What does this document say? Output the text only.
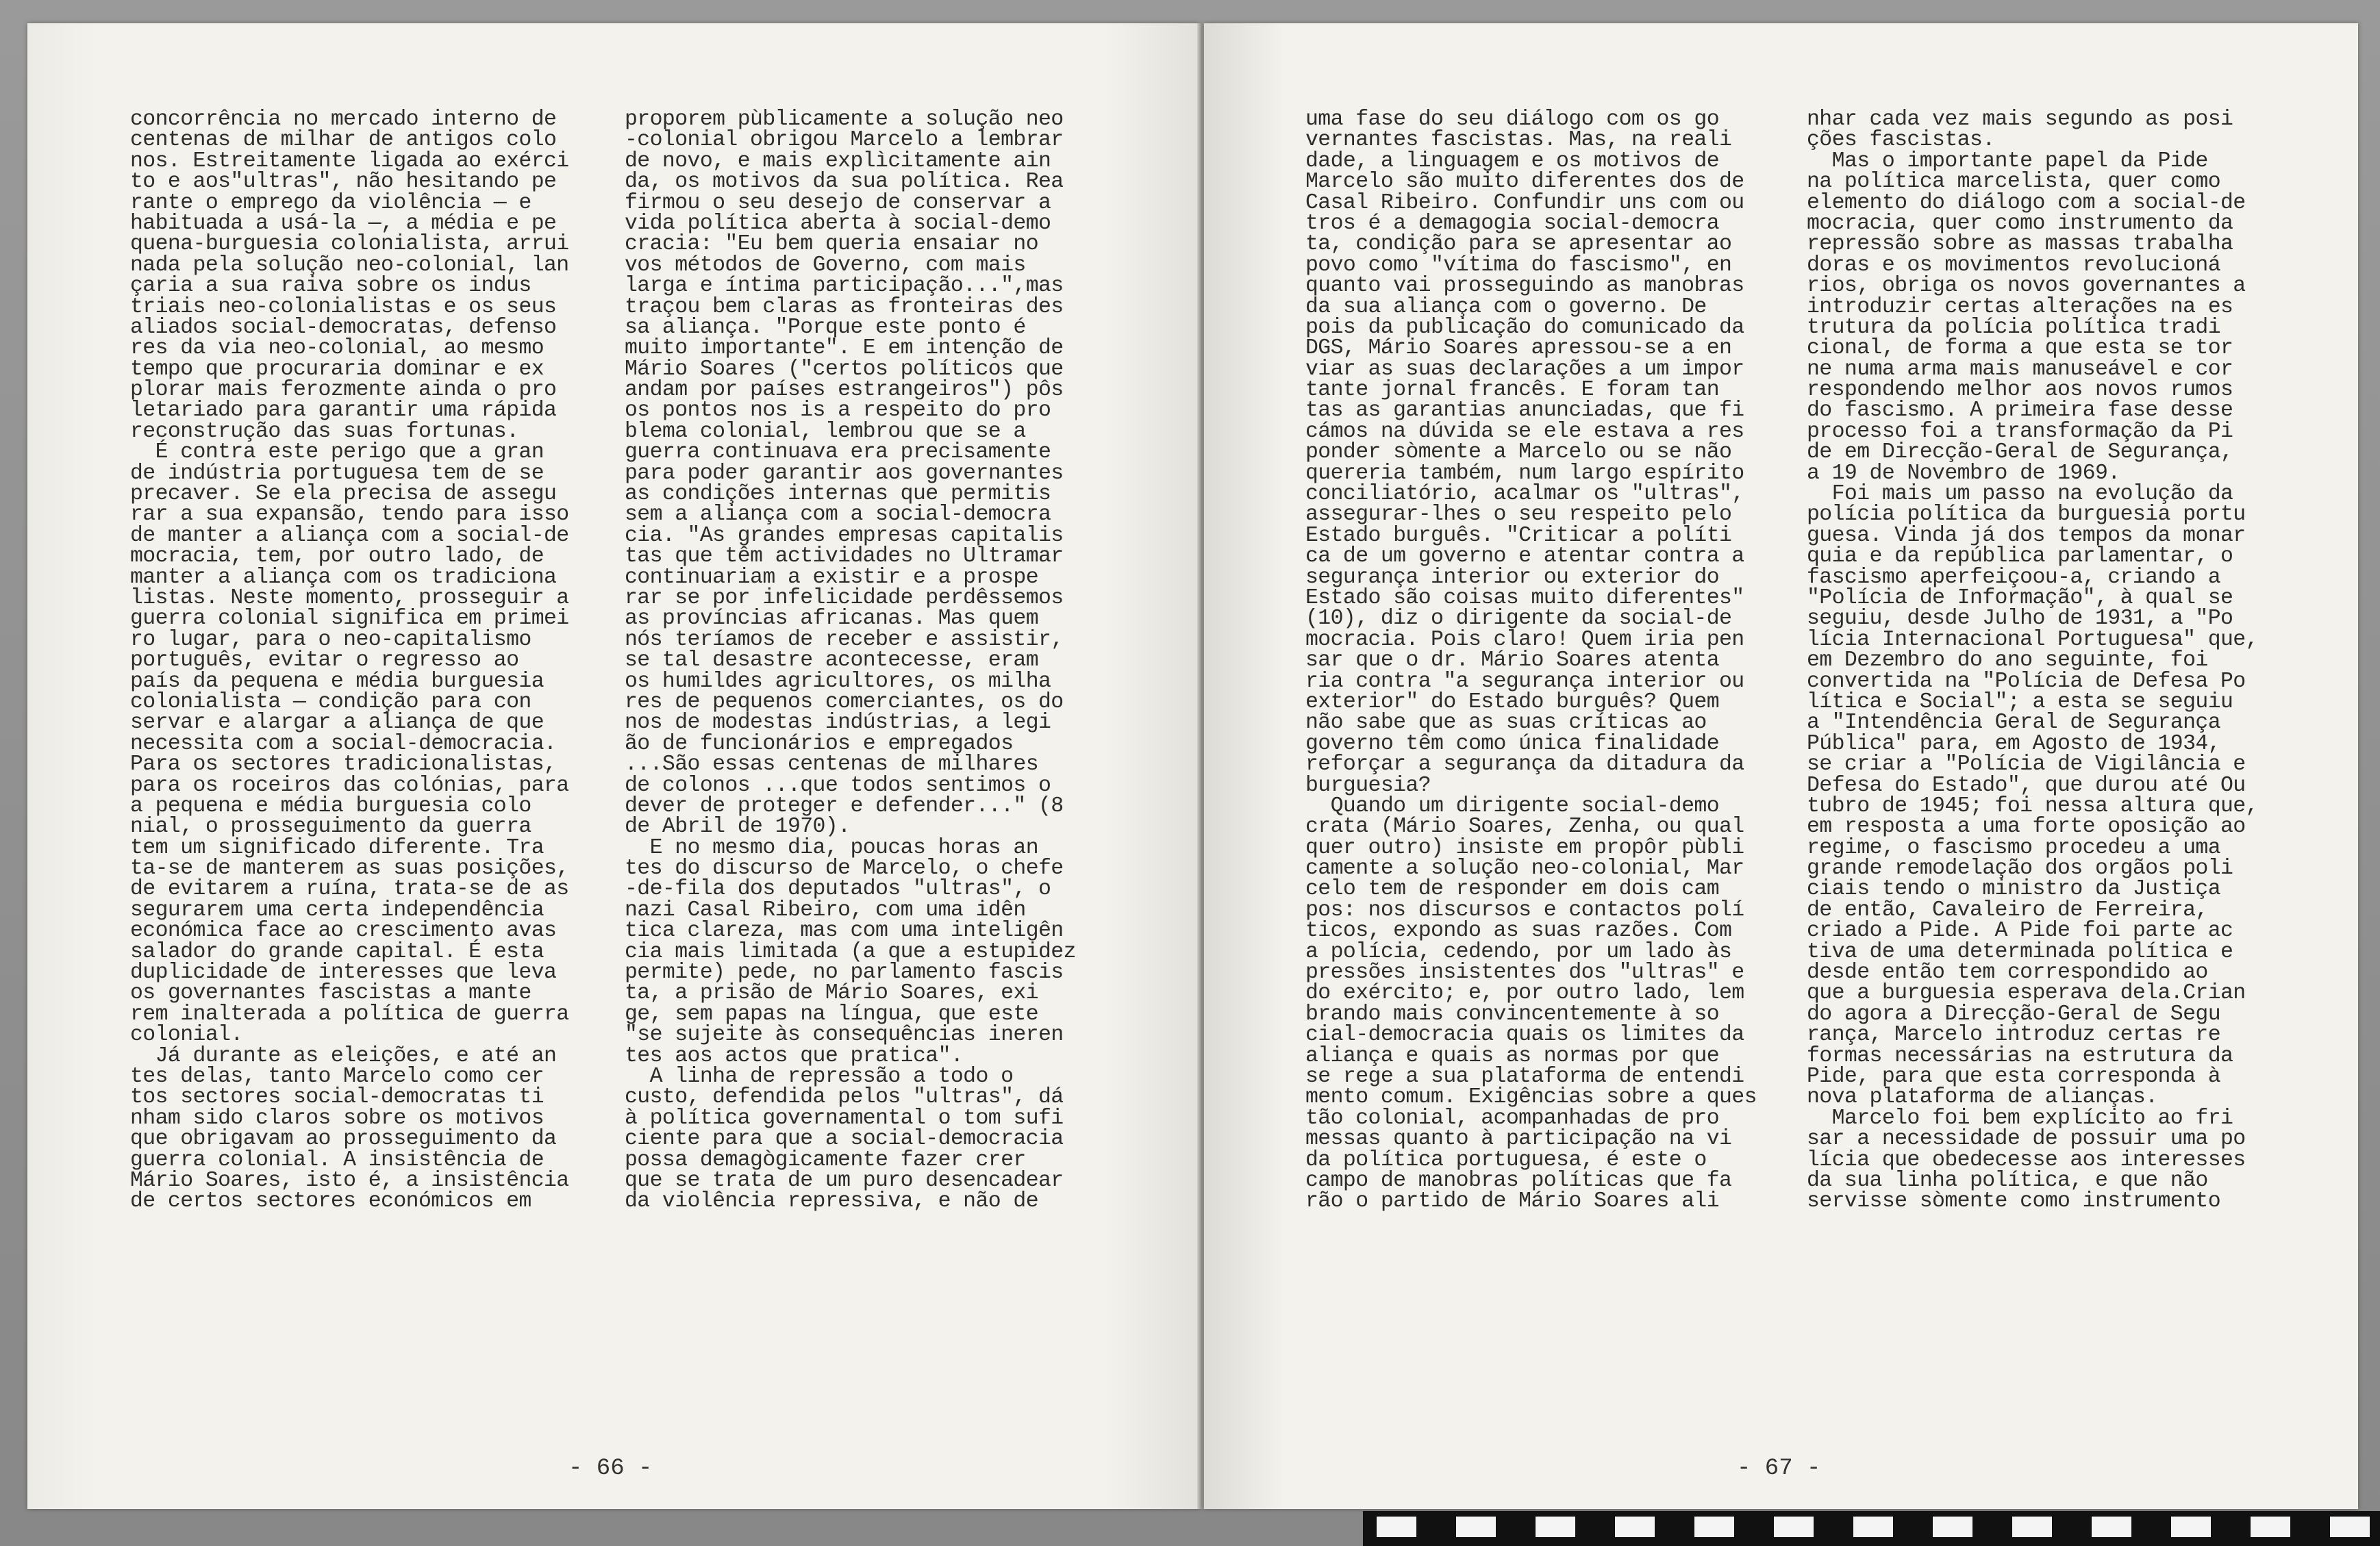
concorrência no mercado interno de
centenas de milhar de antigos colo
nos. Estreitamente ligada ao exérci
to e aos"ultras", não hesitando pe
rante o emprego da violência — e
habituada a usá-la —, a média e pe
quena-burguesia colonialista, arrui
nada pela solução neo-colonial, lan
çaria a sua raiva sobre os indus
triais neo-colonialistas e os seus
aliados social-democratas, defenso
res da via neo-colonial, ao mesmo
tempo que procuraria dominar e ex
plorar mais ferozmente ainda o pro
letariado para garantir uma rápida
reconstrução das suas fortunas.
É contra este perigo que a gran
de indústria portuguesa tem de se
precaver. Se ela precisa de assegu
rar a sua expansão, tendo para isso
de manter a aliança com a social-de
mocracia, tem, por outro lado, de
manter a aliança com os tradiciona
listas. Neste momento, prosseguir a
guerra colonial significa em primei
ro lugar, para o neo-capitalismo
português, evitar o regresso ao
país da pequena e média burguesia
colonialista — condição para con
servar e alargar a aliança de que
necessita com a social-democracia.
Para os sectores tradicionalistas,
para os roceiros das colónias, para
a pequena e média burguesia colo
nial, o prosseguimento da guerra
tem um significado diferente. Tra
ta-se de manterem as suas posições,
de evitarem a ruína, trata-se de as
segurarem uma certa independência
económica face ao crescimento avas
salador do grande capital. É esta
duplicidade de interesses que leva
os governantes fascistas a mante
rem inalterada a política de guerra
colonial.
Já durante as eleições, e até an
tes delas, tanto Marcelo como cer
tos sectores social-democratas ti
nham sido claros sobre os motivos
que obrigavam ao prosseguimento da
guerra colonial. A insistência de
Mário Soares, isto é, a insistência
de certos sectores económicos em
proporem pùblicamente a solução neo
-colonial obrigou Marcelo a lembrar
de novo, e mais explìcitamente ain
da, os motivos da sua política. Rea
firmou o seu desejo de conservar a
vida política aberta à social-demo
cracia: "Eu bem queria ensaiar no
vos métodos de Governo, com mais
larga e íntima participação...",mas
traçou bem claras as fronteiras des
sa aliança. "Porque este ponto é
muito importante". E em intenção de
Mário Soares ("certos políticos que
andam por países estrangeiros") pôs
os pontos nos is a respeito do pro
blema colonial, lembrou que se a
guerra continuava era precisamente
para poder garantir aos governantes
as condições internas que permitis
sem a aliança com a social-democra
cia. "As grandes empresas capitalis
tas que têm actividades no Ultramar
continuariam a existir e a prospe
rar se por infelicidade perdêssemos
as províncias africanas. Mas quem
nós teríamos de receber e assistir,
se tal desastre acontecesse, eram
os humildes agricultores, os milha
res de pequenos comerciantes, os do
nos de modestas indústrias, a legi
ão de funcionários e empregados
...São essas centenas de milhares
de colonos ...que todos sentimos o
dever de proteger e defender..." (8
de Abril de 1970).
E no mesmo dia, poucas horas an
tes do discurso de Marcelo, o chefe
-de-fila dos deputados "ultras", o
nazi Casal Ribeiro, com uma idên
tica clareza, mas com uma inteligên
cia mais limitada (a que a estupidez
permite) pede, no parlamento fascis
ta, a prisão de Mário Soares, exi
ge, sem papas na língua, que este
"se sujeite às consequências ineren
tes aos actos que pratica".
A linha de repressão a todo o
custo, defendida pelos "ultras", dá
à política governamental o tom sufi
ciente para que a social-democracia
possa demagògicamente fazer crer
que se trata de um puro desencadear
da violência repressiva, e não de
- 66 -
uma fase do seu diálogo com os go
vernantes fascistas. Mas, na reali
dade, a linguagem e os motivos de
Marcelo são muito diferentes dos de
Casal Ribeiro. Confundir uns com ou
tros é a demagogia social-democra
ta, condição para se apresentar ao
povo como "vítima do fascismo", en
quanto vai prosseguindo as manobras
da sua aliança com o governo. De
pois da publicação do comunicado da
DGS, Mário Soares apressou-se a en
viar as suas declarações a um impor
tante jornal francês. E foram tan
tas as garantias anunciadas, que fi
cámos na dúvida se ele estava a res
ponder sòmente a Marcelo ou se não
quereria também, num largo espírito
conciliatório, acalmar os "ultras",
assegurar-lhes o seu respeito pelo
Estado burguês. "Criticar a políti
ca de um governo e atentar contra a
segurança interior ou exterior do
Estado são coisas muito diferentes"
(10), diz o dirigente da social-de
mocracia. Pois claro! Quem iria pen
sar que o dr. Mário Soares atenta
ria contra "a segurança interior ou
exterior" do Estado burguês? Quem
não sabe que as suas críticas ao
governo têm como única finalidade
reforçar a segurança da ditadura da
burguesia?
Quando um dirigente social-demo
crata (Mário Soares, Zenha, ou qual
quer outro) insiste em propôr pùbli
camente a solução neo-colonial, Mar
celo tem de responder em dois cam
pos: nos discursos e contactos polí
ticos, expondo as suas razões. Com
a polícia, cedendo, por um lado às
pressões insistentes dos "ultras" e
do exército; e, por outro lado, lem
brando mais convincentemente à so
cial-democracia quais os limites da
aliança e quais as normas por que
se rege a sua plataforma de entendi
mento comum. Exigências sobre a ques
tão colonial, acompanhadas de pro
messas quanto à participação na vi
da política portuguesa, é este o
campo de manobras políticas que fa
rão o partido de Mário Soares ali
nhar cada vez mais segundo as posi
ções fascistas.
Mas o importante papel da Pide
na política marcelista, quer como
elemento do diálogo com a social-de
mocracia, quer como instrumento da
repressão sobre as massas trabalha
doras e os movimentos revolucioná
rios, obriga os novos governantes a
introduzir certas alterações na es
trutura da polícia política tradi
cional, de forma a que esta se tor
ne numa arma mais manuseável e cor
respondendo melhor aos novos rumos
do fascismo. A primeira fase desse
processo foi a transformação da Pi
de em Direcção-Geral de Segurança,
a 19 de Novembro de 1969.
Foi mais um passo na evolução da
polícia política da burguesia portu
guesa. Vinda já dos tempos da monar
quia e da república parlamentar, o
fascismo aperfeiçoou-a, criando a
"Polícia de Informação", à qual se
seguiu, desde Julho de 1931, a "Po
lícia Internacional Portuguesa" que,
em Dezembro do ano seguinte, foi
convertida na "Polícia de Defesa Po
lítica e Social"; a esta se seguiu
a "Intendência Geral de Segurança
Pública" para, em Agosto de 1934,
se criar a "Polícia de Vigilância e
Defesa do Estado", que durou até Ou
tubro de 1945; foi nessa altura que,
em resposta a uma forte oposição ao
regime, o fascismo procedeu a uma
grande remodelação dos orgãos poli
ciais tendo o ministro da Justiça
de então, Cavaleiro de Ferreira,
criado a Pide. A Pide foi parte ac
tiva de uma determinada política e
desde então tem correspondido ao
que a burguesia esperava dela.Crian
do agora a Direcção-Geral de Segu
rança, Marcelo introduz certas re
formas necessárias na estrutura da
Pide, para que esta corresponda à
nova plataforma de alianças.
Marcelo foi bem explícito ao fri
sar a necessidade de possuir uma po
lícia que obedecesse aos interesses
da sua linha política, e que não
servisse sòmente como instrumento
- 67 -
